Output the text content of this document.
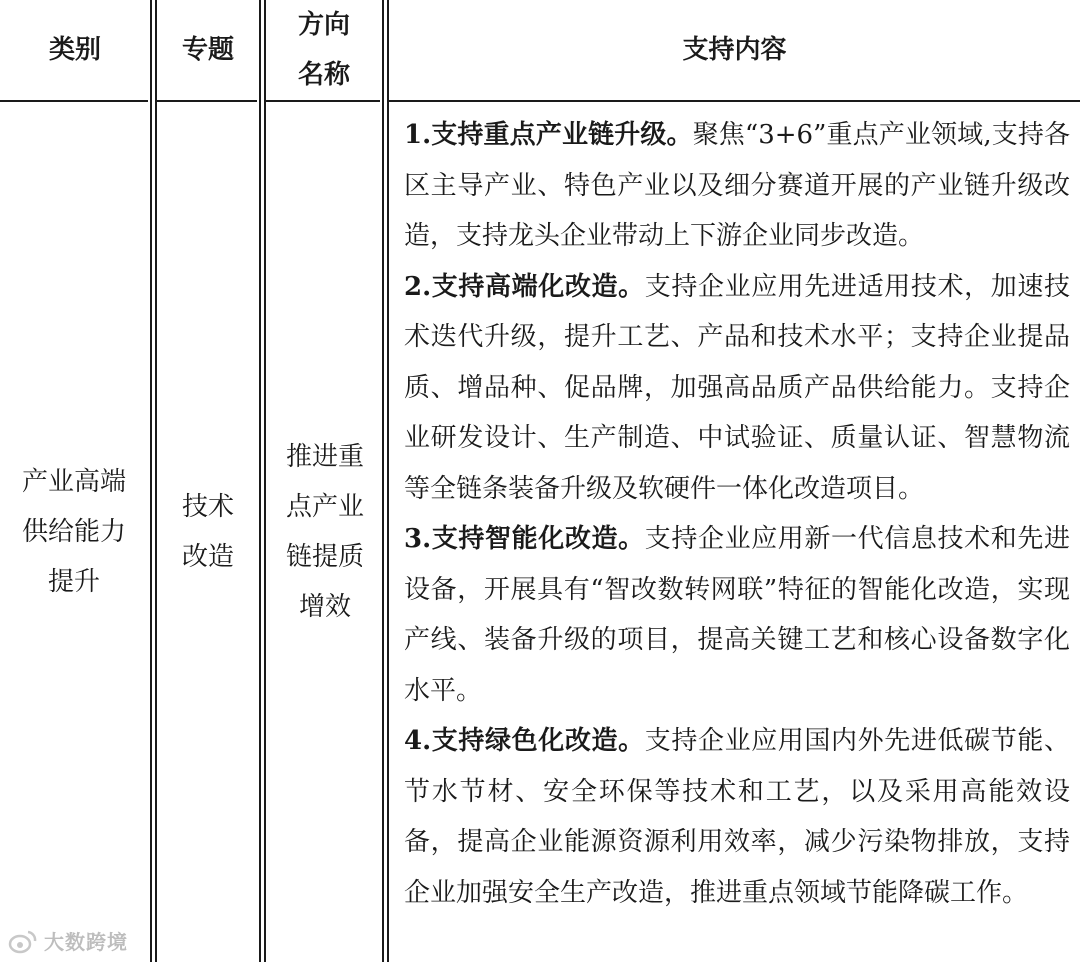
类别	专题
方向名称
支持内容
产业高端供给能力提升
技术改造
推进重点产业链提质增效

1.支持重点产业链升级。聚焦“3+6”重点产业领域,支持各区主导产业、特色产业以及细分赛道开展的产业链升级改造，支持龙头企业带动上下游企业同步改造。

2.支持高端化改造。支持企业应用先进适用技术，加速技术迭代升级，提升工艺、产品和技术水平；支持企业提品质、增品种、促品牌，加强高品质产品供给能力。支持企业研发设计、生产制造、中试验证、质量认证、智慧物流等全链条装备升级及软硬件一体化改造项目。

3.支持智能化改造。支持企业应用新一代信息技术和先进设备，开展具有“智改数转网联”特征的智能化改造，实现产线、装备升级的项目，提高关键工艺和核心设备数字化水平。

4.支持绿色化改造。支持企业应用国内外先进低碳节能、节水节材、安全环保等技术和工艺，以及采用高能效设备，提高企业能源资源利用效率，减少污染物排放，支持企业加强安全生产改造，推进重点领域节能降碳工作。

大数跨境
